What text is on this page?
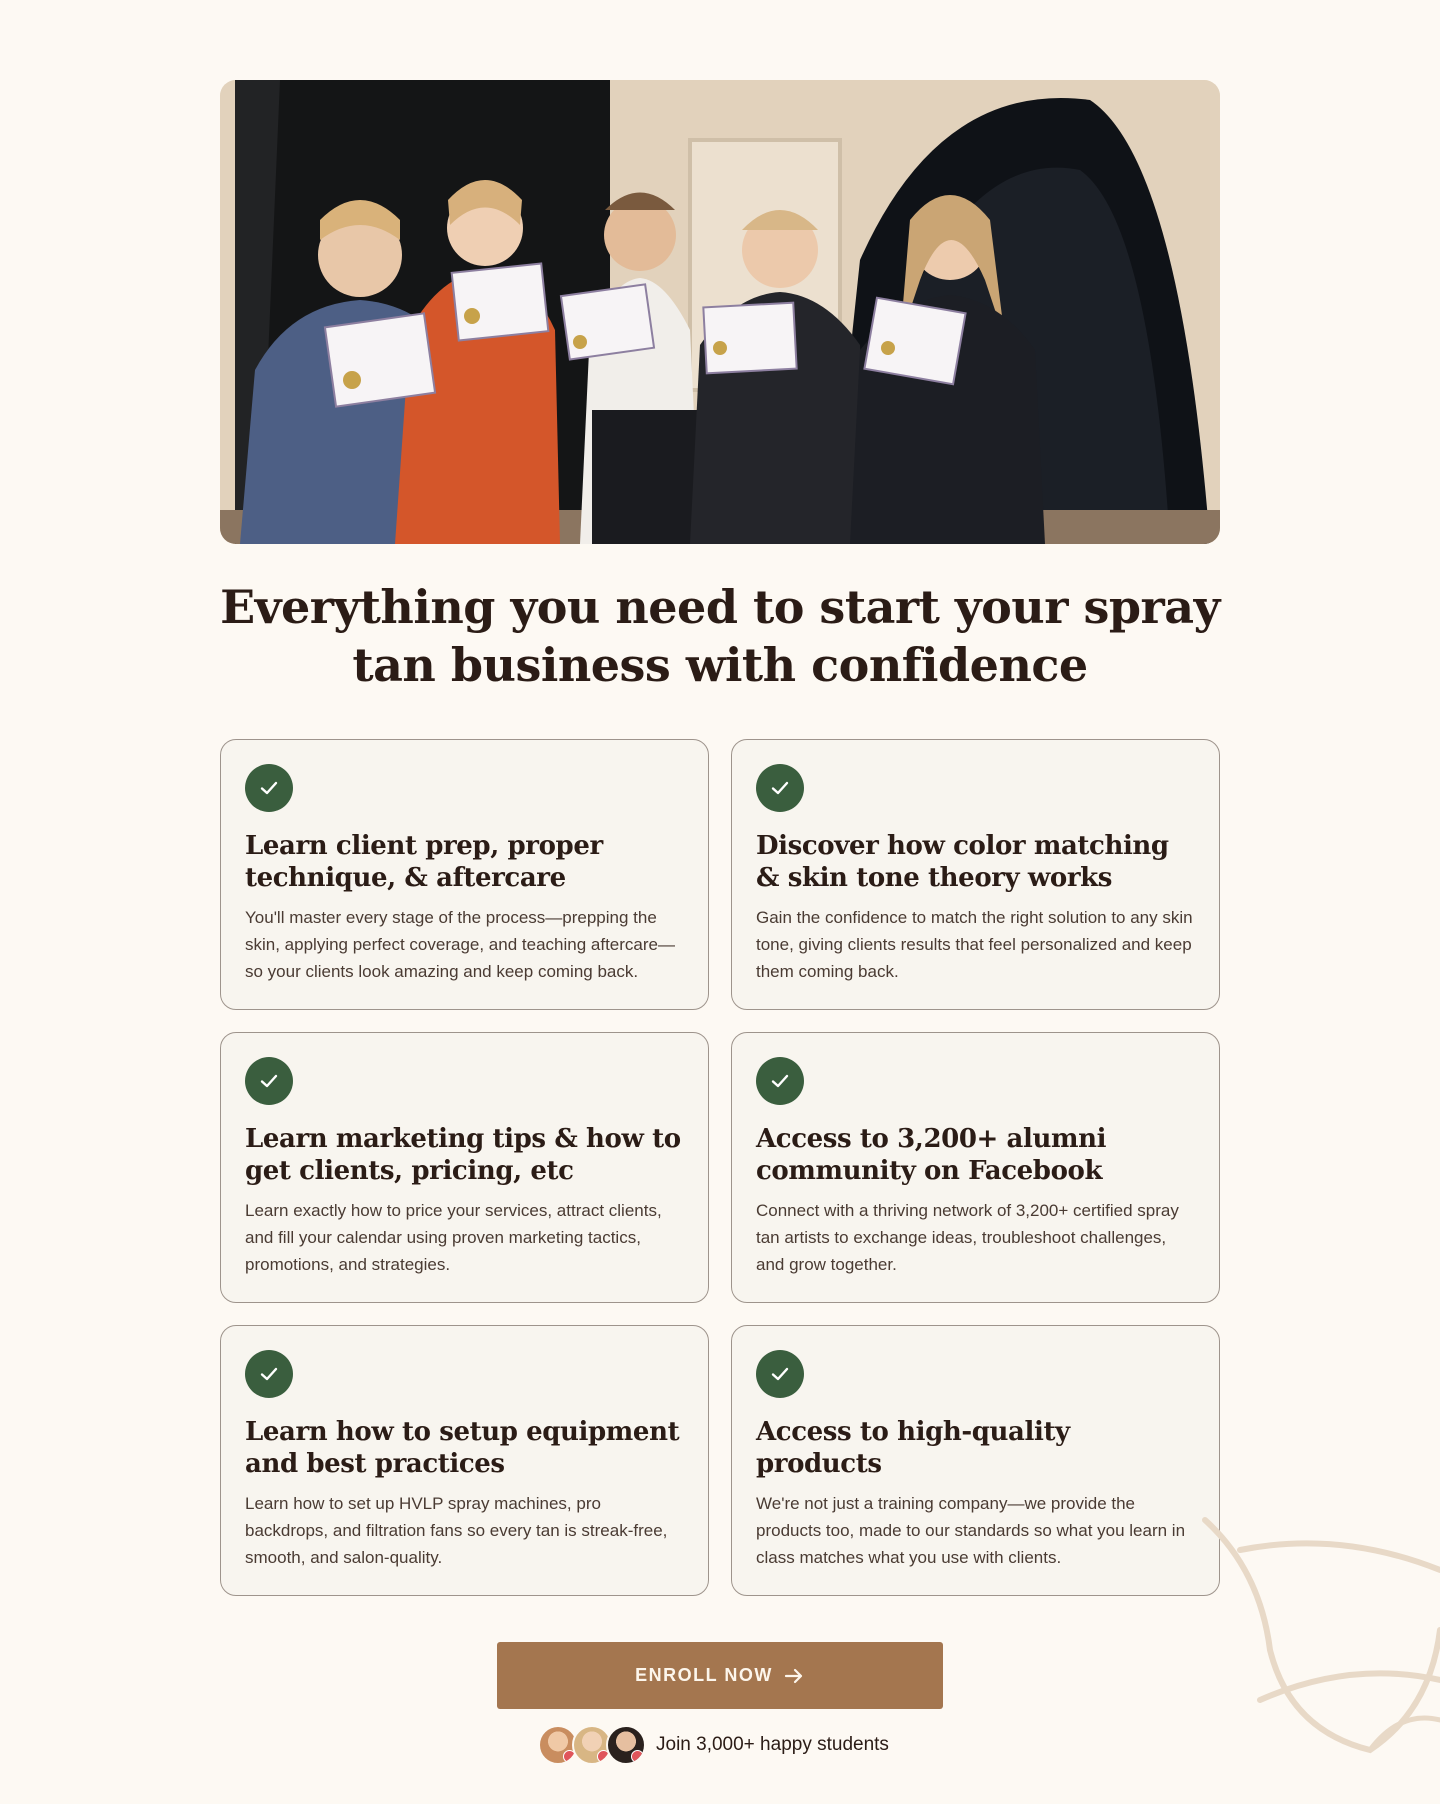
Everything you need to start your spray tan business with confidence
Learn client prep, proper technique, & aftercare

You'll master every stage of the process—prepping the skin, applying perfect coverage, and teaching aftercare—so your clients look amazing and keep coming back.

Discover how color matching & skin tone theory works

Gain the confidence to match the right solution to any skin tone, giving clients results that feel personalized and keep them coming back.

Learn marketing tips & how to get clients, pricing, etc

Learn exactly how to price your services, attract clients, and fill your calendar using proven marketing tactics, promotions, and strategies.

Access to 3,200+ alumni community on Facebook

Connect with a thriving network of 3,200+ certified spray tan artists to exchange ideas, troubleshoot challenges, and grow together.

Learn how to setup equipment and best practices

Learn how to set up HVLP spray machines, pro backdrops, and filtration fans so every tan is streak-free, smooth, and salon-quality.

Access to high-quality products

We're not just a training company—we provide the products too, made to our standards so what you learn in class matches what you use with clients.

ENROLL NOW
Join 3,000+ happy students
